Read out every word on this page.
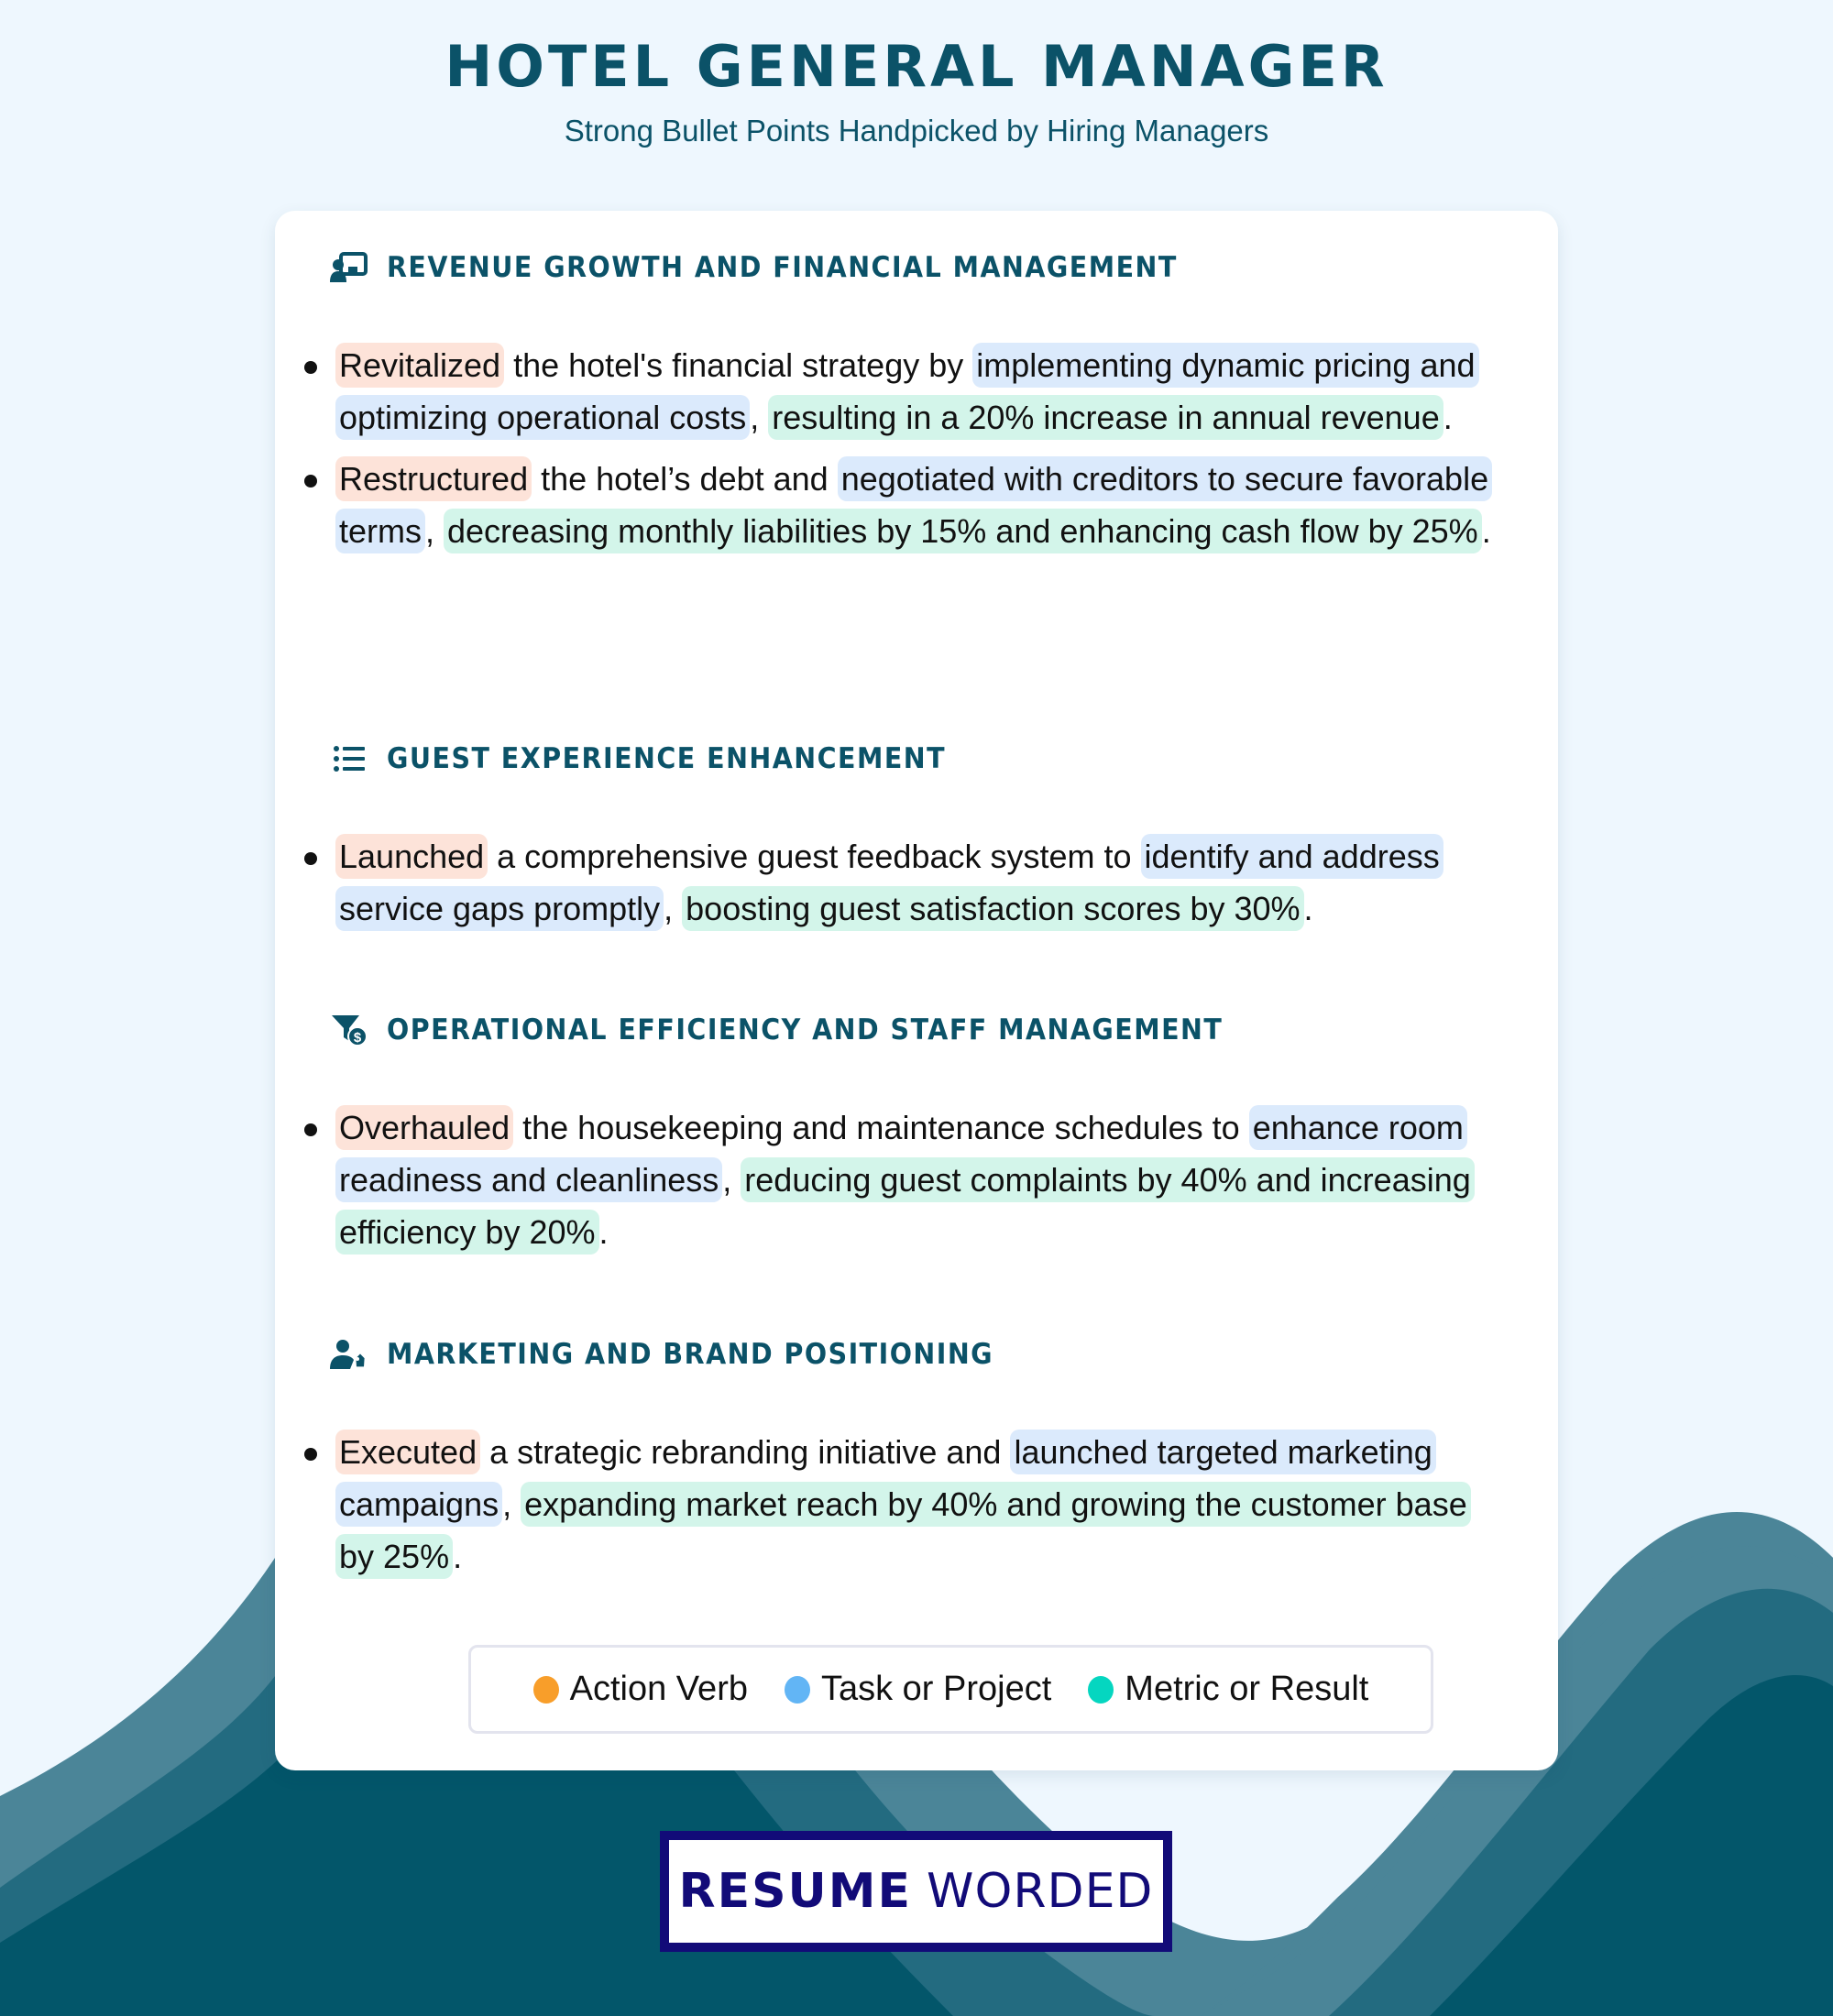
HOTEL GENERAL MANAGER
Strong Bullet Points Handpicked by Hiring Managers
REVENUE GROWTH AND FINANCIAL MANAGEMENT
Revitalized the hotel's financial strategy by implementing dynamic pricing and optimizing operational costs , resulting in a 20% increase in annual revenue .
Restructured the hotel’s debt and negotiated with creditors to secure favorable terms , decreasing monthly liabilities by 15% and enhancing cash flow by 25% .
GUEST EXPERIENCE ENHANCEMENT
Launched a comprehensive guest feedback system to identify and address service gaps promptly , boosting guest satisfaction scores by 30% .
$ OPERATIONAL EFFICIENCY AND STAFF MANAGEMENT
Overhauled the housekeeping and maintenance schedules to enhance room readiness and cleanliness , reducing guest complaints by 40% and increasing efficiency by 20% .
MARKETING AND BRAND POSITIONING
Executed a strategic rebranding initiative and launched targeted marketing campaigns , expanding market reach by 40% and growing the customer base by 25% .
Action Verb Task or Project Metric or Result
RESUME WORDED
